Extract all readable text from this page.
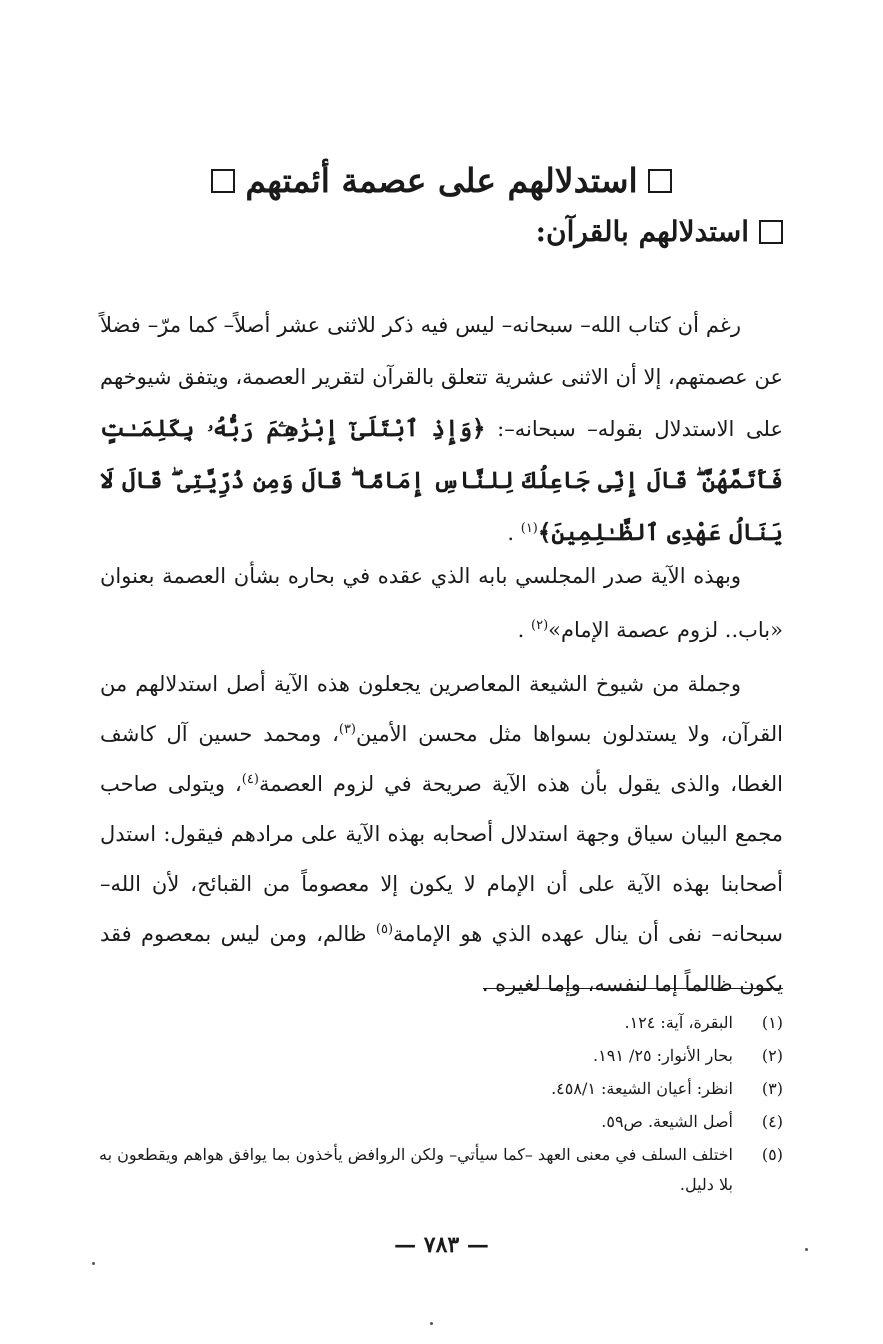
استدلالهم على عصمة أئمتهم
استدلالهم بالقرآن:

  رغم أن كتاب الله– سبحانه– ليس فيه ذكر للاثنى عشر أصلاً– كما مرّ– فضلاً عن عصمتهم، إلا أن الاثنى عشرية تتعلق بالقرآن لتقرير العصمة، ويتفق شيوخهم على الاستدلال بقوله– سبحانه–: ﴿وَإِذِ ٱبْتَلَىٰٓ إِبْرَٰهِـۧمَ رَبُّهُۥ بِكَلِمَـٰتٍ فَأَتَمَّهُنَّ ۖ قَالَ إِنِّى جَاعِلُكَ لِلنَّاسِ إِمَامًا ۖ قَالَ وَمِن ذُرِّيَّتِى ۖ قَالَ لَا يَنَالُ عَهْدِى ٱلظَّـٰلِمِينَ﴾$^{(١)}$ .

  وبهذه الآية صدر المجلسي بابه الذي عقده في بحاره بشأن العصمة بعنوان «باب.. لزوم عصمة الإمام»$^{(٢)}$ .

  وجملة من شيوخ الشيعة المعاصرين يجعلون هذه الآية أصل استدلالهم من القرآن، ولا يستدلون بسواها مثل محسن الأمين$^{(٣)}$، ومحمد حسين آل كاشف الغطا، والذى يقول بأن هذه الآية صريحة في لزوم العصمة$^{(٤)}$، ويتولى صاحب مجمع البيان سياق وجهة استدلال أصحابه بهذه الآية على مرادهم فيقول: استدل أصحابنا بهذه الآية على أن الإمام لا يكون إلا معصوماً من القبائح، لأن الله– سبحانه– نفى أن ينال عهده الذي هو الإمامة$^{(٥)}$ ظالم، ومن ليس بمعصوم فقد يكون ظالماً إما لنفسه، وإما لغيره .

(١)
البقرة، آية: ١٢٤.
(٢)
بحار الأنوار: ٢٥/ ١٩١.
(٣)
انظر: أعيان الشيعة: ٤٥٨/١.
(٤)
أصل الشيعة. ص٥٩.
(٥)
اختلف السلف في معنى العهد –كما سيأتي– ولكن الروافض يأخذون بما يوافق هواهم ويقطعون به بلا دليل.
— ٧٨٣ —
